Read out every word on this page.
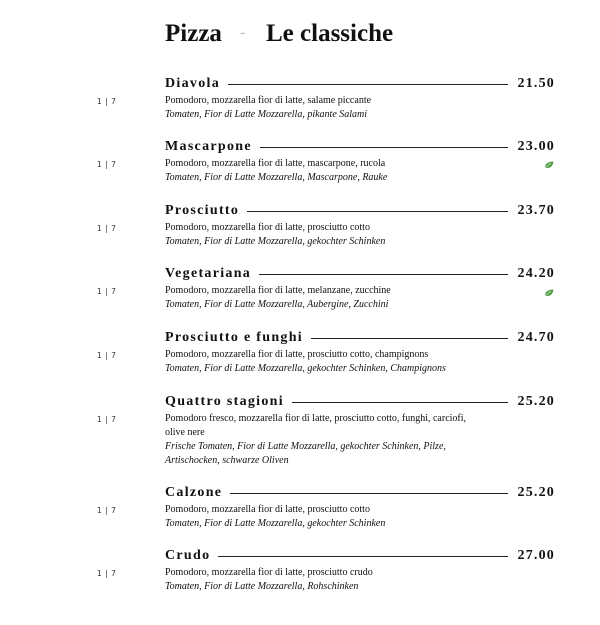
Pizza - Le classiche
Diavola	21.50
1 | 7	Pomodoro, mozzarella fior di latte, salame piccante
Tomaten, Fior di Latte Mozzarella, pikante Salami
Mascarpone	23.00
1 | 7	Pomodoro, mozzarella fior di latte, mascarpone, rucola
Tomaten, Fior di Latte Mozzarella, Mascarpone, Rauke
Prosciutto	23.70
1 | 7	Pomodoro, mozzarella fior di latte, prosciutto cotto
Tomaten, Fior di Latte Mozzarella, gekochter Schinken
Vegetariana	24.20
1 | 7	Pomodoro, mozzarella fior di latte, melanzane, zucchine
Tomaten, Fior di Latte Mozzarella, Aubergine, Zucchini
Prosciutto e funghi	24.70
1 | 7	Pomodoro, mozzarella fior di latte, prosciutto cotto, champignons
Tomaten, Fior di Latte Mozzarella, gekochter Schinken, Champignons
Quattro stagioni	25.20
1 | 7	Pomodoro fresco, mozzarella fior di latte, prosciutto cotto, funghi, carciofi, olive nere
Frische Tomaten, Fior di Latte Mozzarella, gekochter Schinken, Pilze, Artischocken, schwarze Oliven
Calzone	25.20
1 | 7	Pomodoro, mozzarella fior di latte, prosciutto cotto
Tomaten, Fior di Latte Mozzarella, gekochter Schinken
Crudo	27.00
1 | 7	Pomodoro, mozzarella fior di latte, prosciutto crudo
Tomaten, Fior di Latte Mozzarella, Rohschinken
